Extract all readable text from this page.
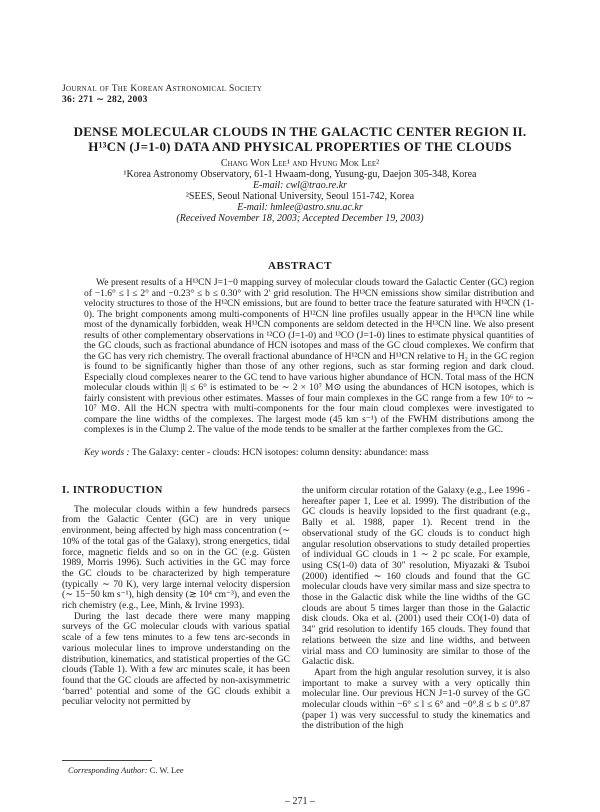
Journal of The Korean Astronomical Society
36: 271 ∼ 282, 2003
DENSE MOLECULAR CLOUDS IN THE GALACTIC CENTER REGION II.
H¹³CN (J=1-0) DATA AND PHYSICAL PROPERTIES OF THE CLOUDS
Chang Won Lee¹ and Hyung Mok Lee²
¹Korea Astronomy Observatory, 61-1 Hwaam-dong, Yusung-gu, Daejon 305-348, Korea
E-mail: cwl@trao.re.kr
²SEES, Seoul National University, Seoul 151-742, Korea
E-mail: hmlee@astro.snu.ac.kr
(Received November 18, 2003; Accepted December 19, 2003)
ABSTRACT

We present results of a H¹³CN J=1−0 mapping survey of molecular clouds toward the Galactic Center (GC) region of −1.6° ≤ l ≤ 2° and −0.23° ≤ b ≤ 0.30° with 2′ grid resolution. The H¹³CN emissions show similar distribution and velocity structures to those of the H¹²CN emissions, but are found to better trace the feature saturated with H¹²CN (1-0). The bright components among multi-components of H¹²CN line profiles usually appear in the H¹³CN line while most of the dynamically forbidden, weak H¹³CN components are seldom detected in the H¹³CN line. We also present results of other complementary observations in ¹²CO (J=1-0) and ¹³CO (J=1-0) lines to estimate physical quantities of the GC clouds, such as fractional abundance of HCN isotopes and mass of the GC cloud complexes. We confirm that the GC has very rich chemistry. The overall fractional abundance of H¹²CN and H¹³CN relative to H₂ in the GC region is found to be significantly higher than those of any other regions, such as star forming region and dark cloud. Especially cloud complexes nearer to the GC tend to have various higher abundance of HCN. Total mass of the HCN molecular clouds within |l| ≤ 6° is estimated to be ∼ 2 × 10⁷ M⊙ using the abundances of HCN isotopes, which is fairly consistent with previous other estimates. Masses of four main complexes in the GC range from a few 10⁶ to ∼ 10⁷ M⊙. All the HCN spectra with multi-components for the four main cloud complexes were investigated to compare the line widths of the complexes. The largest mode (45 km s⁻¹) of the FWHM distributions among the complexes is in the Clump 2. The value of the mode tends to be smaller at the farther complexes from the GC.

Key words : The Galaxy: center - clouds: HCN isotopes: column density: abundance: mass
I. INTRODUCTION

The molecular clouds within a few hundreds parsecs from the Galactic Center (GC) are in very unique environment, being affected by high mass concentration (∼ 10% of the total gas of the Galaxy), strong energetics, tidal force, magnetic fields and so on in the GC (e.g. Güsten 1989, Morris 1996). Such activities in the GC may force the GC clouds to be characterized by high temperature (typically ∼ 70 K), very large internal velocity dispersion (∼ 15−50 km s⁻¹), high density (≳ 10⁴ cm⁻³), and even the rich chemistry (e.g., Lee, Minh, & Irvine 1993).

During the last decade there were many mapping surveys of the GC molecular clouds with various spatial scale of a few tens minutes to a few tens arc-seconds in various molecular lines to improve understanding on the distribution, kinematics, and statistical properties of the GC clouds (Table 1). With a few arc minutes scale, it has been found that the GC clouds are affected by non-axisymmetric ‘barred’ potential and some of the GC clouds exhibit a peculiar velocity not permitted by

the uniform circular rotation of the Galaxy (e.g., Lee 1996 - hereafter paper 1, Lee et al. 1999). The distribution of the GC clouds is heavily lopsided to the first quadrant (e.g., Bally et al. 1988, paper 1). Recent trend in the observational study of the GC clouds is to conduct high angular resolution observations to study detailed properties of individual GC clouds in 1 ∼ 2 pc scale. For example, using CS(1-0) data of 30″ resolution, Miyazaki & Tsuboi (2000) identified ∼ 160 clouds and found that the GC molecular clouds have very similar mass and size spectra to those in the Galactic disk while the line widths of the GC clouds are about 5 times larger than those in the Galactic disk clouds. Oka et al. (2001) used their CO(1-0) data of 34″ grid resolution to identify 165 clouds. They found that relations between the size and line widths, and between virial mass and CO luminosity are similar to those of the Galactic disk.

Apart from the high angular resolution survey, it is also important to make a survey with a very optically thin molecular line. Our previous HCN J=1-0 survey of the GC molecular clouds within −6° ≤ l ≤ 6° and −0°.8 ≤ b ≤ 0°.87 (paper 1) was very successful to study the kinematics and the distribution of the high

Corresponding Author: C. W. Lee
– 271 –
